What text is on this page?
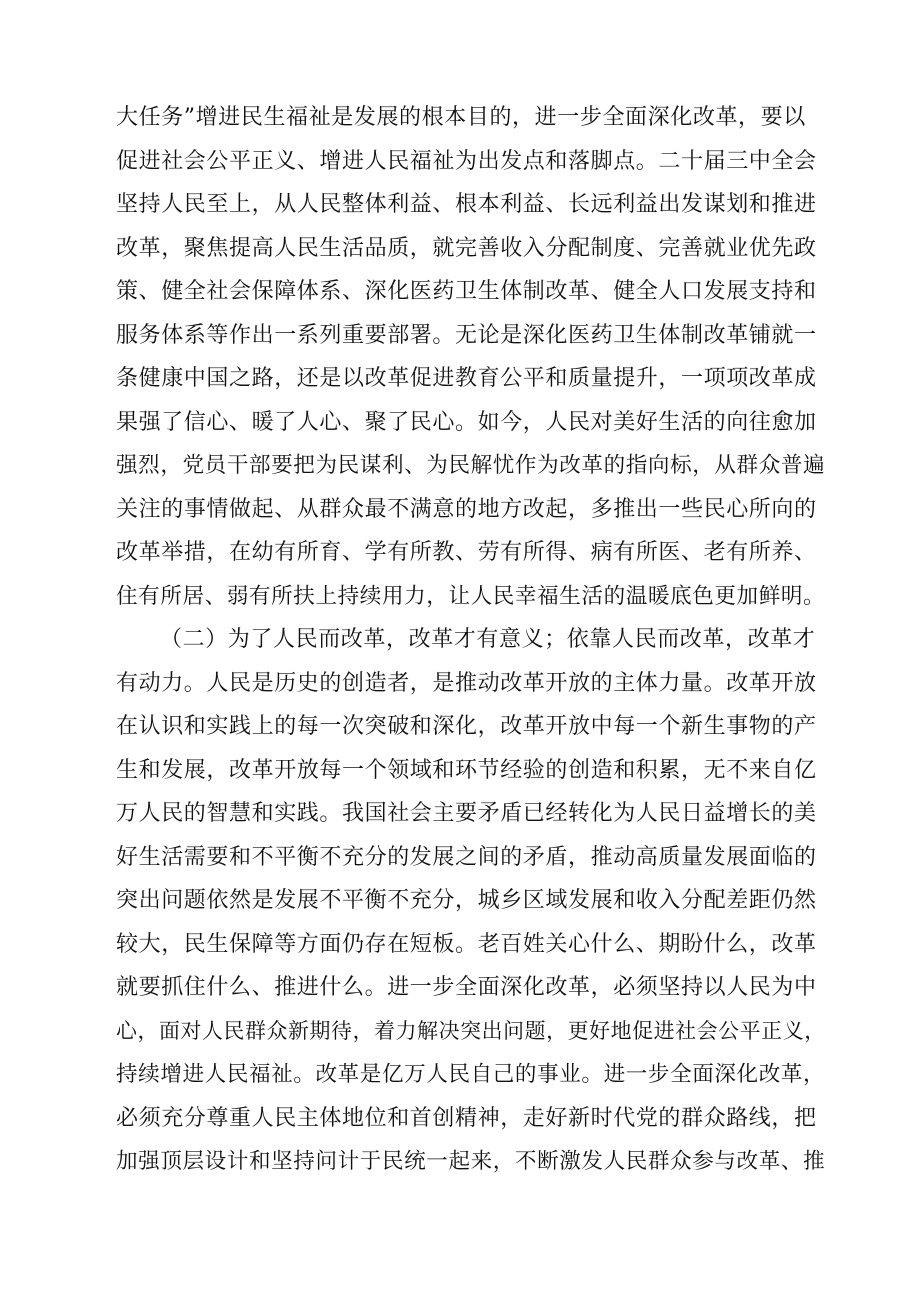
大任务”增进民生福祉是发展的根本目的，进一步全面深化改革，要以
促进社会公平正义、增进人民福祉为出发点和落脚点。二十届三中全会
坚持人民至上，从人民整体利益、根本利益、长远利益出发谋划和推进
改革，聚焦提高人民生活品质，就完善收入分配制度、完善就业优先政
策、健全社会保障体系、深化医药卫生体制改革、健全人口发展支持和
服务体系等作出一系列重要部署。无论是深化医药卫生体制改革铺就一
条健康中国之路，还是以改革促进教育公平和质量提升，一项项改革成
果强了信心、暖了人心、聚了民心。如今，人民对美好生活的向往愈加
强烈，党员干部要把为民谋利、为民解忧作为改革的指向标，从群众普遍
关注的事情做起、从群众最不满意的地方改起，多推出一些民心所向的
改革举措，在幼有所育、学有所教、劳有所得、病有所医、老有所养、
住有所居、弱有所扶上持续用力，让人民幸福生活的温暖底色更加鲜明。
（二）为了人民而改革，改革才有意义；依靠人民而改革，改革才
有动力。人民是历史的创造者，是推动改革开放的主体力量。改革开放
在认识和实践上的每一次突破和深化，改革开放中每一个新生事物的产
生和发展，改革开放每一个领域和环节经验的创造和积累，无不来自亿
万人民的智慧和实践。我国社会主要矛盾已经转化为人民日益增长的美
好生活需要和不平衡不充分的发展之间的矛盾，推动高质量发展面临的
突出问题依然是发展不平衡不充分，城乡区域发展和收入分配差距仍然
较大，民生保障等方面仍存在短板。老百姓关心什么、期盼什么，改革
就要抓住什么、推进什么。进一步全面深化改革，必须坚持以人民为中
心，面对人民群众新期待，着力解决突出问题，更好地促进社会公平正义，
持续增进人民福祉。改革是亿万人民自己的事业。进一步全面深化改革，
必须充分尊重人民主体地位和首创精神，走好新时代党的群众路线，把
加强顶层设计和坚持问计于民统一起来，不断激发人民群众参与改革、推
